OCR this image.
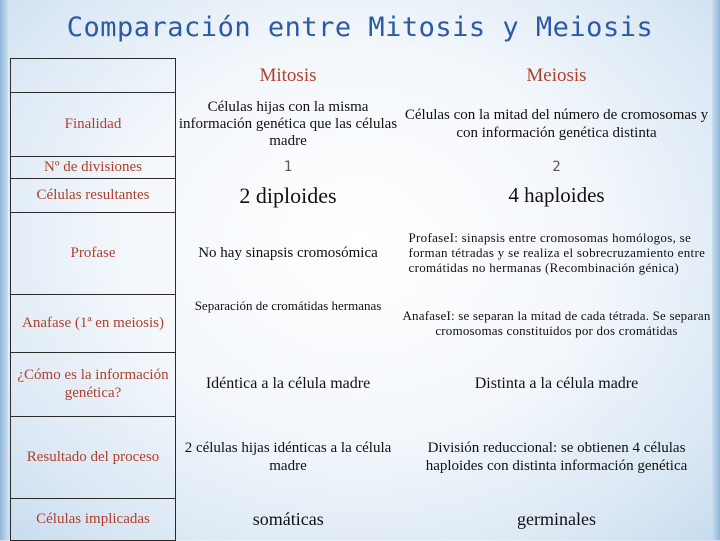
Comparación entre Mitosis y Meiosis
	Mitosis	Meiosis
Finalidad	Células hijas con la misma información genética que las células madre	Células con la mitad del número de cromosomas y con información genética distinta
Nº de divisiones	1	2
Células resultantes	2 diploides	4 haploides
Profase	No hay sinapsis cromosómica	ProfaseI: sinapsis entre cromosomas homólogos, se forman tétradas y se realiza el sobrecruzamiento entre cromátidas no hermanas (Recombinación génica)
Anafase (1ª en meiosis)	Separación de cromátidas hermanas	AnafaseI: se separan la mitad de cada tétrada. Se separan cromosomas constituidos por dos cromátidas
¿Cómo es la información genética?	Idéntica a la célula madre	Distinta a la célula madre
Resultado del proceso	2 células hijas idénticas a la célula madre	División reduccional: se obtienen 4 células haploides con distinta información genética
Células implicadas	somáticas	germinales
